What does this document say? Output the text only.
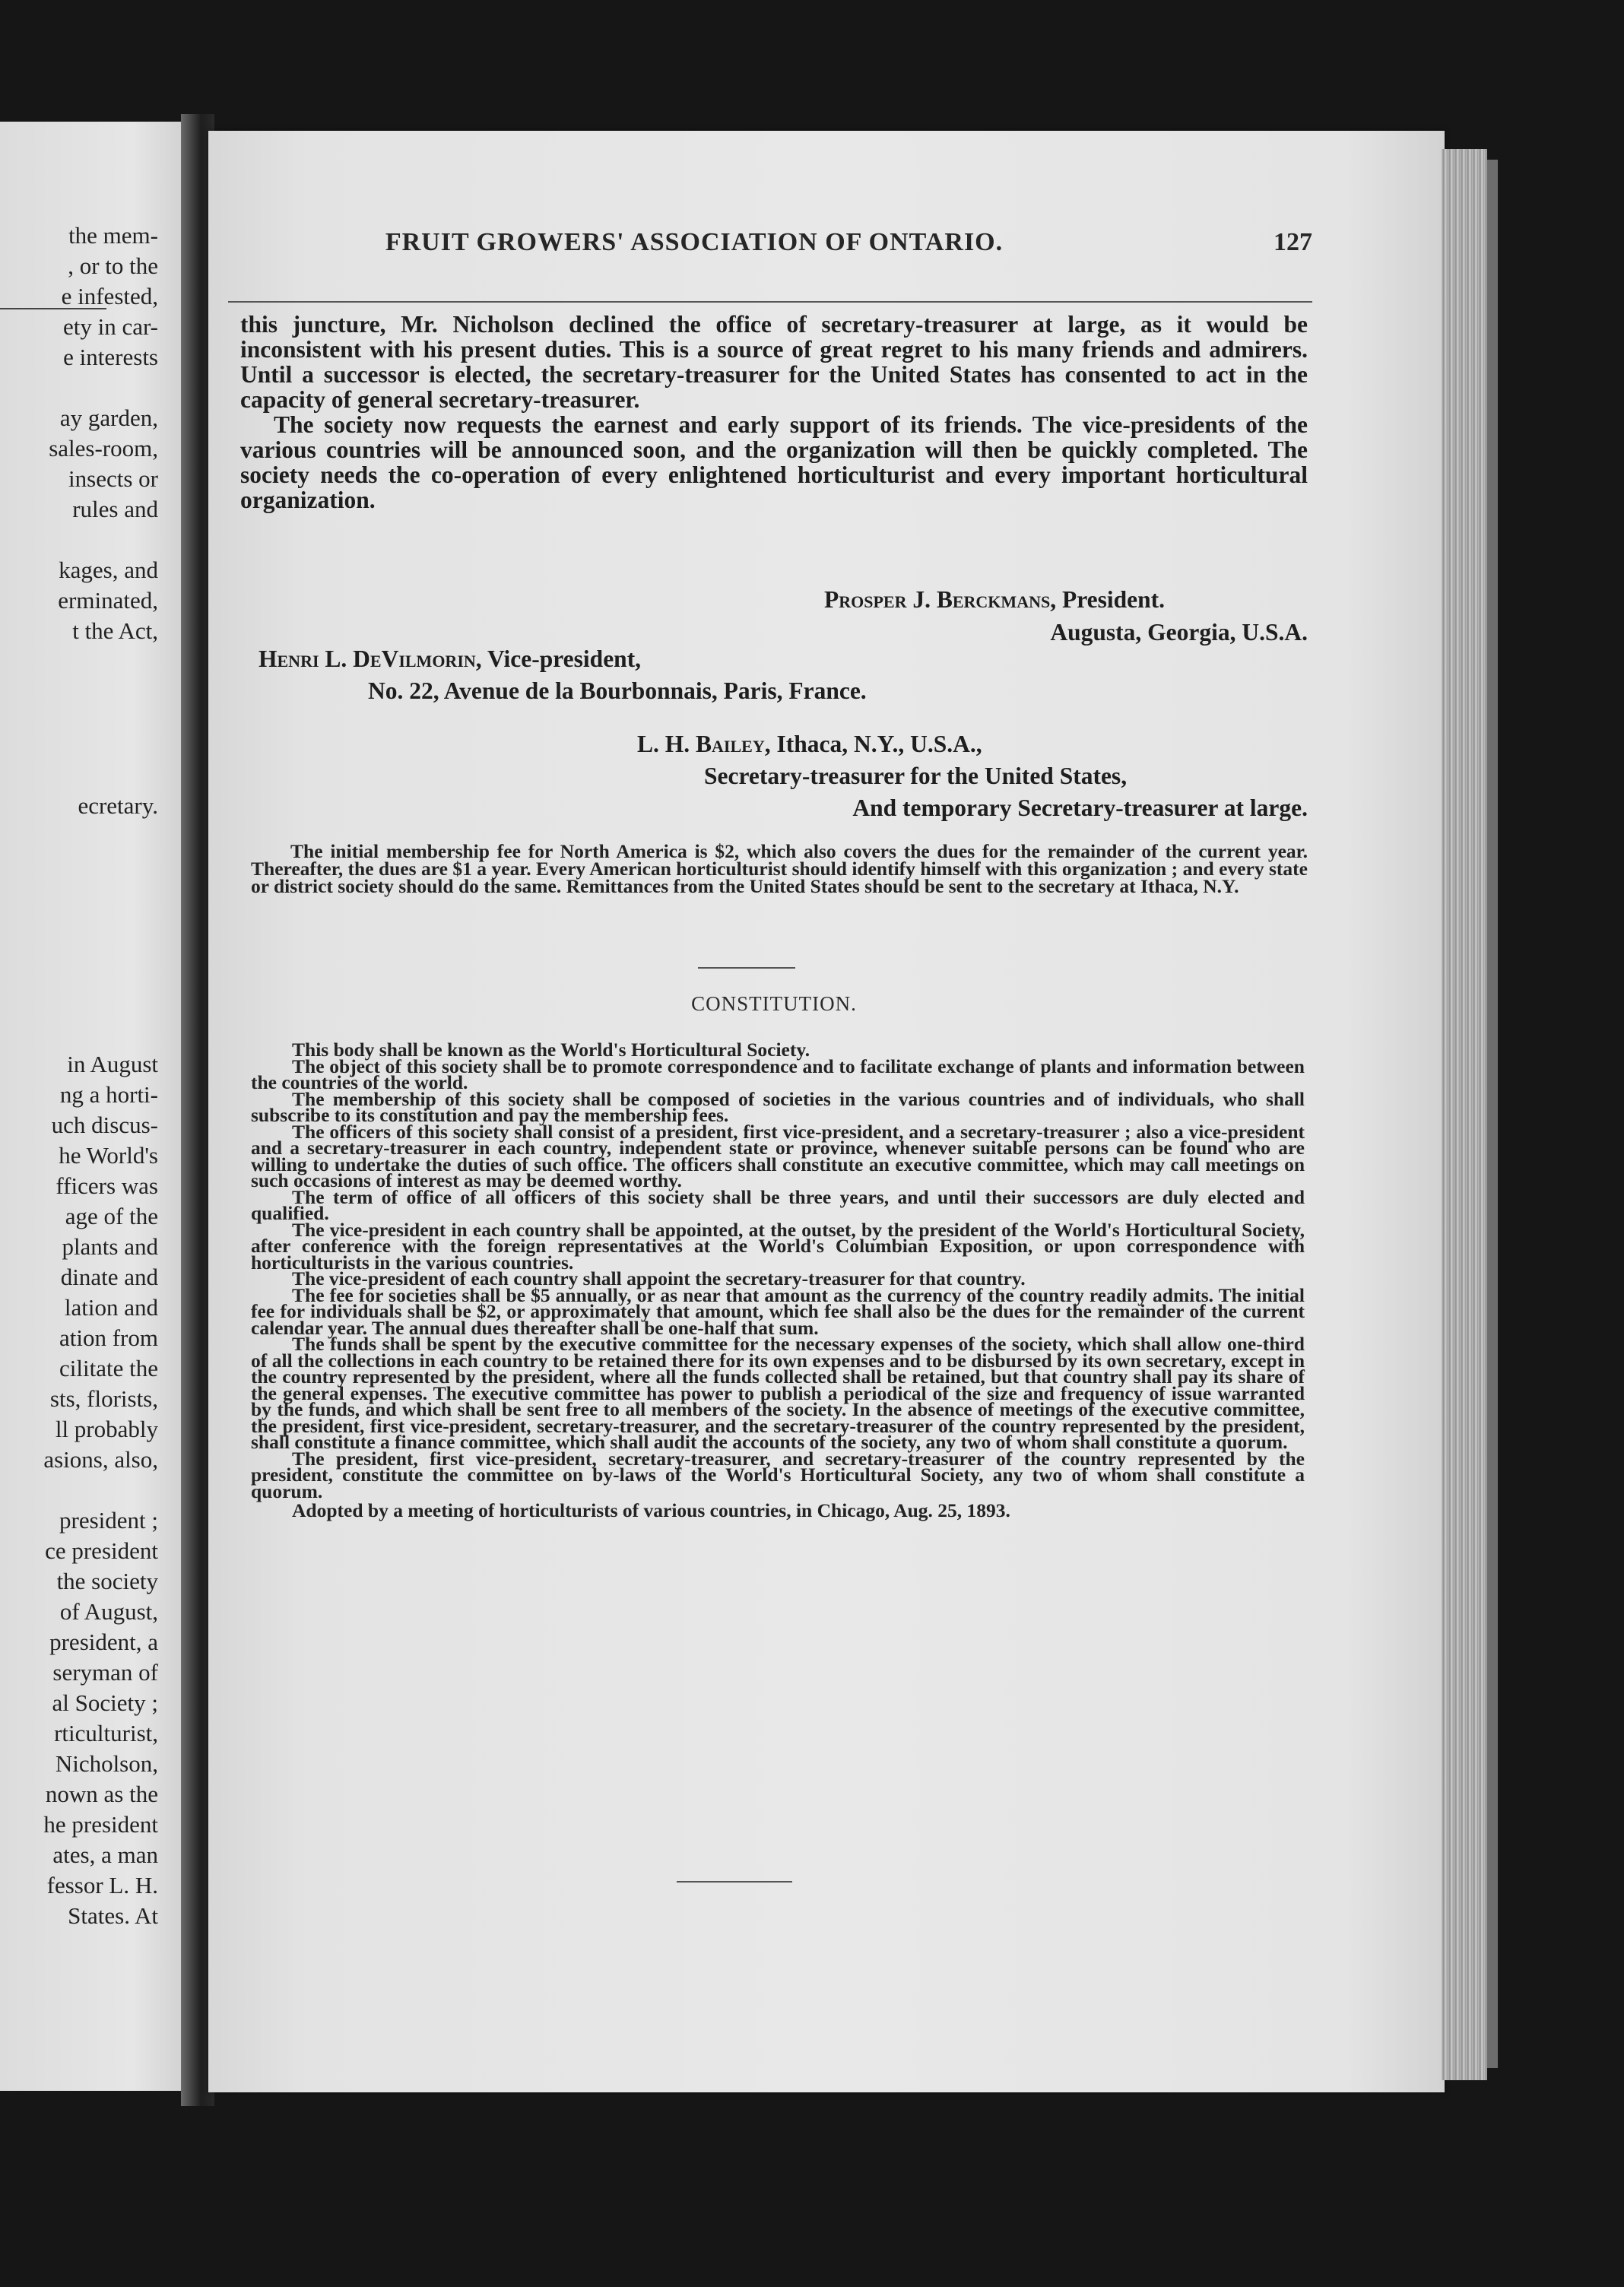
the mem-
, or to the
e infested,
ety in car-
e interests
ay garden,
sales-room,
insects or
rules and
kages, and
erminated,
t the Act,
ecretary.
in August
ng a horti-
uch discus-
he World's
fficers was
age of the
plants and
dinate and
lation and
ation from
cilitate the
sts, florists,
ll probably
asions, also,
president ;
ce president
the society
of August,
president, a
seryman of
al Society ;
rticulturist,
Nicholson,
nown as the
he president
ates, a man
fessor L. H.
States. At
FRUIT GROWERS' ASSOCIATION OF ONTARIO.	127

this juncture, Mr. Nicholson declined the office of secretary-treasurer at large, as it would be inconsistent with his present duties. This is a source of great regret to his many friends and admirers. Until a successor is elected, the secretary-treasurer for the United States has consented to act in the capacity of general secretary-treasurer.

The society now requests the earnest and early support of its friends. The vice-presidents of the various countries will be announced soon, and the organization will then be quickly completed. The society needs the co-operation of every enlightened horticulturist and every important horticultural organization.

Prosper J. Berckmans, President.
Augusta, Georgia, U.S.A.
Henri L. DeVilmorin, Vice-president,
No. 22, Avenue de la Bourbonnais, Paris, France.
L. H. Bailey, Ithaca, N.Y., U.S.A.,
Secretary-treasurer for the United States,
And temporary Secretary-treasurer at large.

The initial membership fee for North America is $2, which also covers the dues for the remainder of the current year. Thereafter, the dues are $1 a year. Every American horticulturist should identify himself with this organization ; and every state or district society should do the same. Remittances from the United States should be sent to the secretary at Ithaca, N.Y.

CONSTITUTION.

This body shall be known as the World's Horticultural Society.

The object of this society shall be to promote correspondence and to facilitate exchange of plants and information between the countries of the world.

The membership of this society shall be composed of societies in the various countries and of individuals, who shall subscribe to its constitution and pay the membership fees.

The officers of this society shall consist of a president, first vice-president, and a secretary-treasurer ; also a vice-president and a secretary-treasurer in each country, independent state or province, whenever suitable persons can be found who are willing to undertake the duties of such office. The officers shall constitute an executive committee, which may call meetings on such occasions of interest as may be deemed worthy.

The term of office of all officers of this society shall be three years, and until their successors are duly elected and qualified.

The vice-president in each country shall be appointed, at the outset, by the president of the World's Horticultural Society, after conference with the foreign representatives at the World's Columbian Exposition, or upon correspondence with horticulturists in the various countries.

The vice-president of each country shall appoint the secretary-treasurer for that country.

The fee for societies shall be $5 annually, or as near that amount as the currency of the country readily admits. The initial fee for individuals shall be $2, or approximately that amount, which fee shall also be the dues for the remainder of the current calendar year. The annual dues thereafter shall be one-half that sum.

The funds shall be spent by the executive committee for the necessary expenses of the society, which shall allow one-third of all the collections in each country to be retained there for its own expenses and to be disbursed by its own secretary, except in the country represented by the president, where all the funds collected shall be retained, but that country shall pay its share of the general expenses. The executive committee has power to publish a periodical of the size and frequency of issue warranted by the funds, and which shall be sent free to all members of the society. In the absence of meetings of the executive committee, the president, first vice-president, secretary-treasurer, and the secretary-treasurer of the country represented by the president, shall constitute a finance committee, which shall audit the accounts of the society, any two of whom shall constitute a quorum.

The president, first vice-president, secretary-treasurer, and secretary-treasurer of the country represented by the president, constitute the committee on by-laws of the World's Horticultural Society, any two of whom shall constitute a quorum.

Adopted by a meeting of horticulturists of various countries, in Chicago, Aug. 25, 1893.
